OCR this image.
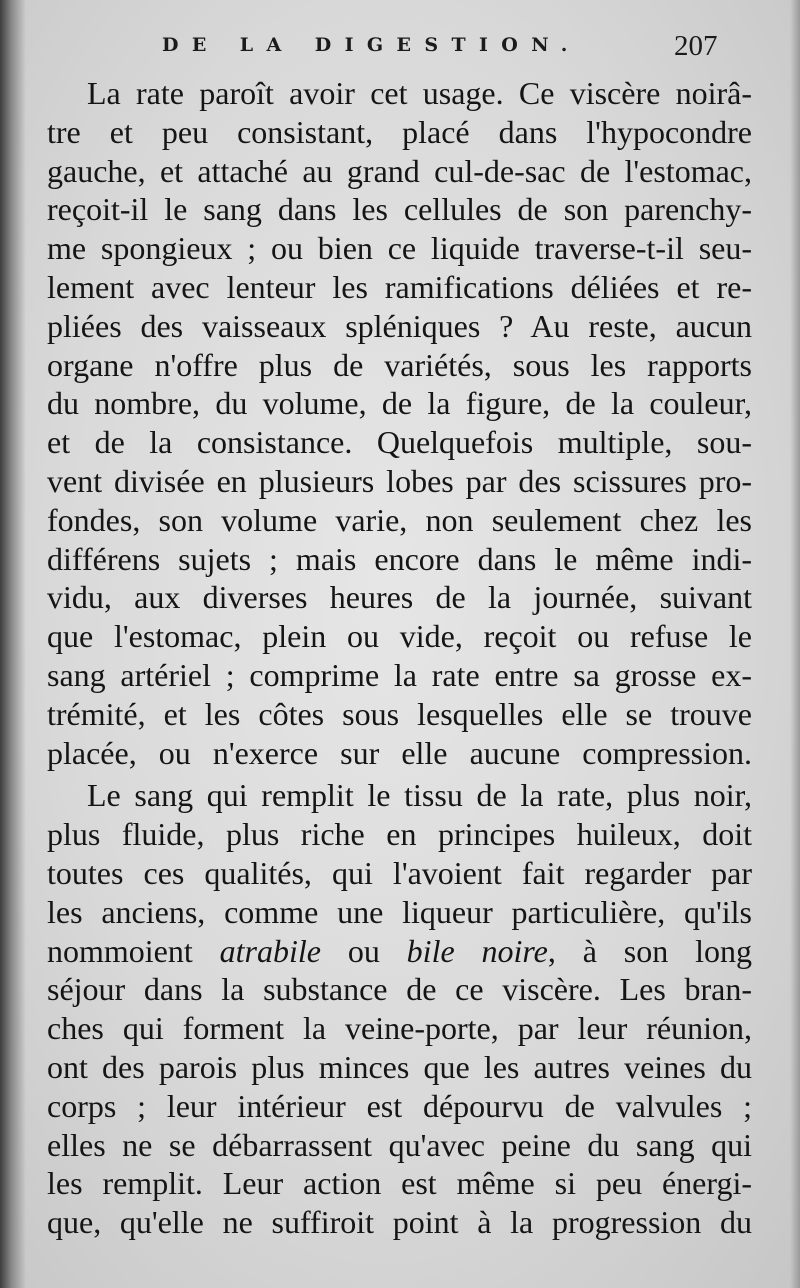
DE LA DIGESTION.	207
La rate paroît avoir cet usage. Ce viscère noirâ-
tre et peu consistant, placé dans l'hypocondre
gauche, et attaché au grand cul-de-sac de l'estomac,
reçoit-il le sang dans les cellules de son parenchy-
me spongieux ; ou bien ce liquide traverse-t-il seu-
lement avec lenteur les ramifications déliées et re-
pliées des vaisseaux spléniques ? Au reste, aucun
organe n'offre plus de variétés, sous les rapports
du nombre, du volume, de la figure, de la couleur,
et de la consistance. Quelquefois multiple, sou-
vent divisée en plusieurs lobes par des scissures pro-
fondes, son volume varie, non seulement chez les
différens sujets ; mais encore dans le même indi-
vidu, aux diverses heures de la journée, suivant
que l'estomac, plein ou vide, reçoit ou refuse le
sang artériel ; comprime la rate entre sa grosse ex-
trémité, et les côtes sous lesquelles elle se trouve
placée, ou n'exerce sur elle aucune compression.
Le sang qui remplit le tissu de la rate, plus noir,
plus fluide, plus riche en principes huileux, doit
toutes ces qualités, qui l'avoient fait regarder par
les anciens, comme une liqueur particulière, qu'ils
nommoient atrabile ou bile noire, à son long
séjour dans la substance de ce viscère. Les bran-
ches qui forment la veine-porte, par leur réunion,
ont des parois plus minces que les autres veines du
corps ; leur intérieur est dépourvu de valvules ;
elles ne se débarrassent qu'avec peine du sang qui
les remplit. Leur action est même si peu énergi-
que, qu'elle ne suffiroit point à la progression du
